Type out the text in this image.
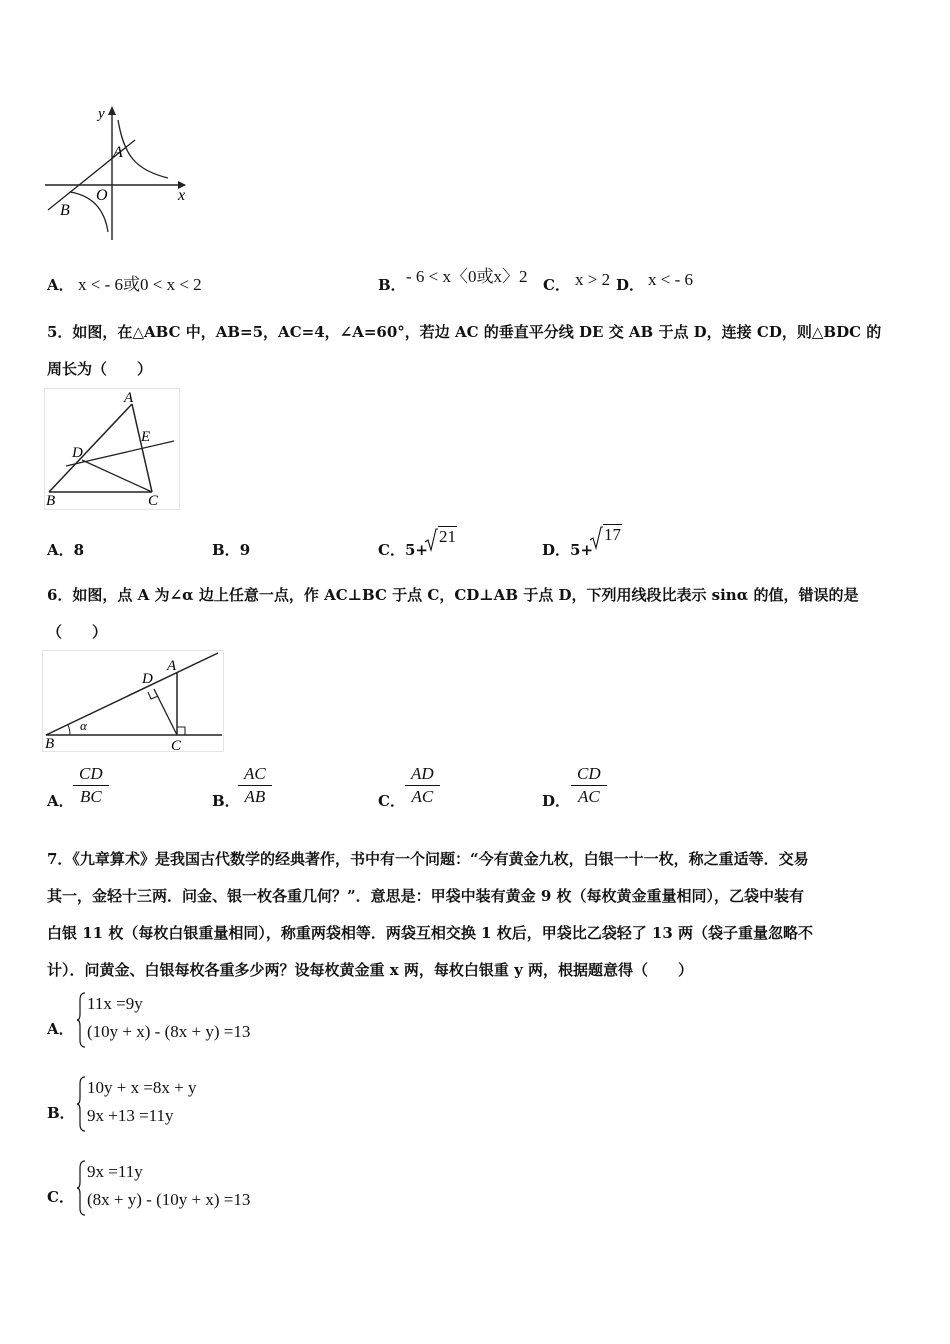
y
x
O
A
B
A． x < - 6或0 < x < 2	B． - 6 < x〈0或x〉2 C． x > 2 D． x < - 6
5．如图，在△ABC 中，AB=5，AC=4，∠A=60°，若边 AC 的垂直平分线 DE 交 AB 于点 D，连接 CD，则△BDC 的
周长为（　　）
A
E
D
B	C
A．8	B．9	C．5+
21
D．5+
17
6．如图，点 A 为∠α 边上任意一点，作 AC⊥BC 于点 C，CD⊥AB 于点 D，下列用线段比表示 sinα 的值，错误的是
（　　）
D
A
α
B	C
A． $\frac{CD}{BC}$	B．
$\frac{AC}{AB}$	C． $\frac{AD}{AC}$	D． $\frac{CD}{AC}$
7．《九章算术》是我国古代数学的经典著作，书中有一个问题：“今有黄金九枚，白银一十一枚，称之重适等．交易
其一，金轻十三两．问金、银一枚各重几何？”．意思是：甲袋中装有黄金 9 枚（每枚黄金重量相同），乙袋中装有
白银 11 枚（每枚白银重量相同），称重两袋相等．两袋互相交换 1 枚后，甲袋比乙袋轻了 13 两（袋子重量忽略不
计）．问黄金、白银每枚各重多少两？设每枚黄金重 x 两，每枚白银重 y 两，根据题意得（　　）
A．
11x =9y
(10y + x) - (8x + y) =13
B．
10y + x =8x + y
9x +13 =11y
C．
9x =11y
(8x + y) - (10y + x) =13
